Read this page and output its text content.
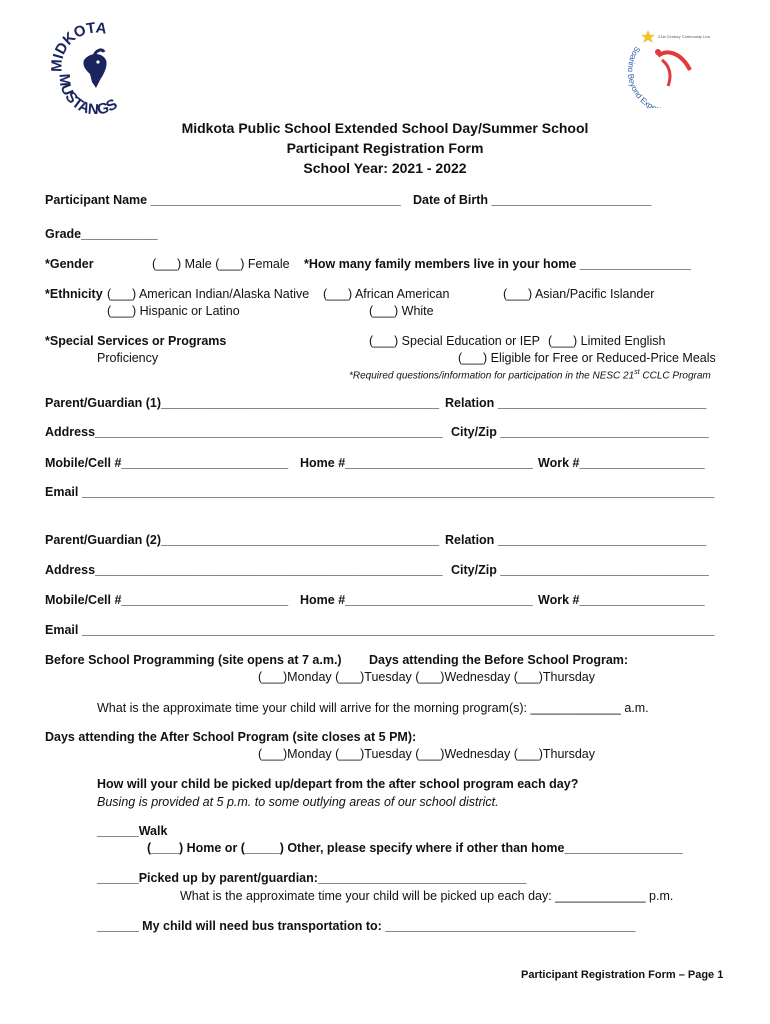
MIDKOTA
MUSTANGS
Soar yond Expe
21st Century Community Lea
Midkota Public School Extended School Day/Summer School
Participant Registration Form
School Year: 2021 - 2022
Participant Name ____________________________________ Date of Birth _______________________
Grade___________
*Gender	(___) Male (___) Female *How many family members live in your home ________________
*Ethnicity (___) American Indian/Alaska Native (___) African American	(___) Asian/Pacific Islander
(___) Hispanic or Latino	(___) White
*Special Services or Programs	(___) Special Education or IEP (___) Limited English
Proficiency	(___) Eligible for Free or Reduced-Price Meals
*Required questions/information for participation in the NESC 21st CCLC Program
Parent/Guardian (1)________________________________________ Relation ______________________________
Address__________________________________________________ City/Zip ______________________________
Mobile/Cell #________________________ Home #___________________________ Work #__________________
Email ___________________________________________________________________________________________
Parent/Guardian (2)________________________________________ Relation ______________________________
Address__________________________________________________ City/Zip ______________________________
Mobile/Cell #________________________ Home #___________________________ Work #__________________
Email ___________________________________________________________________________________________
Before School Programming (site opens at 7 a.m.) Days attending the Before School Program:
(___)Monday (___)Tuesday (___)Wednesday (___)Thursday
What is the approximate time your child will arrive for the morning program(s): _____________ a.m.
Days attending the After School Program (site closes at 5 PM):
(___)Monday (___)Tuesday (___)Wednesday (___)Thursday
How will your child be picked up/depart from the after school program each day?
Busing is provided at 5 p.m. to some outlying areas of our school district.
______Walk
(____) Home or (_____) Other, please specify where if other than home_________________
______Picked up by parent/guardian:______________________________
What is the approximate time your child will be picked up each day: _____________ p.m.
______ My child will need bus transportation to: ____________________________________
Participant Registration Form – Page 1
